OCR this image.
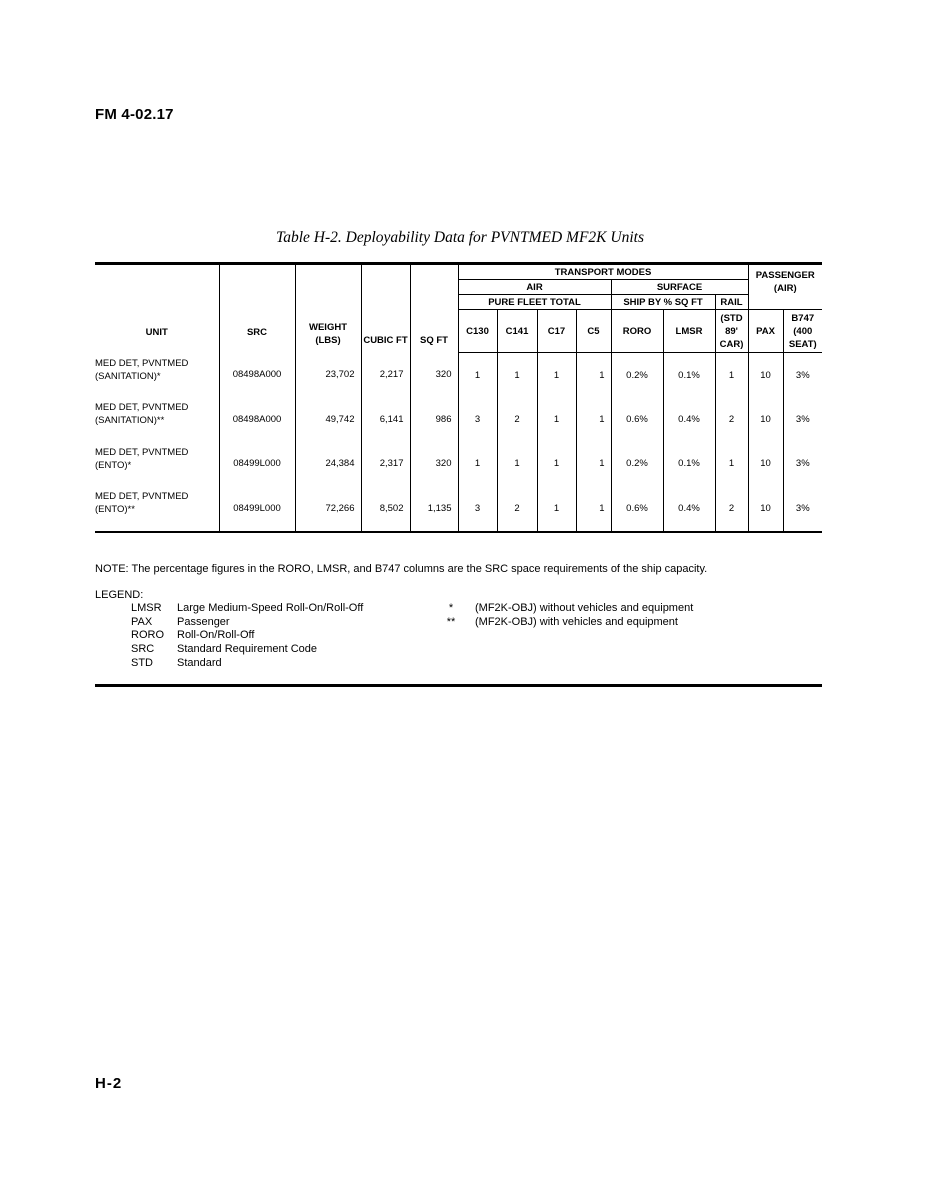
FM 4-02.17
Table H-2. Deployability Data for PVNTMED MF2K Units
UNIT	SRC	WEIGHT (LBS)	CUBIC FT	SQ FT	TRANSPORT MODES							PASSENGER (AIR)	
					AIR				SURFACE				
					PURE FLEET TOTAL				SHIP BY % SQ FT		RAIL		
					C130	C141	C17	C5	RORO	LMSR	(STD 89' CAR)	PAX	B747 (400 SEAT)
MED DET, PVNTMED (SANITATION)*	08498A000	23,702	2,217	320	1	1	1	1	0.2%	0.1%	1	10	3%
MED DET, PVNTMED (SANITATION)**	08498A000	49,742	6,141	986	3	2	1	1	0.6%	0.4%	2	10	3%
MED DET, PVNTMED (ENTO)*	08499L000	24,384	2,317	320	1	1	1	1	0.2%	0.1%	1	10	3%
MED DET, PVNTMED (ENTO)**	08499L000	72,266	8,502	1,135	3	2	1	1	0.6%	0.4%	2	10	3%
NOTE: The percentage figures in the RORO, LMSR, and B747 columns are the SRC space requirements of the ship capacity.
LEGEND:
LMSR	Large Medium-Speed Roll-On/Roll-Off	*	(MF2K-OBJ) without vehicles and equipment
PAX	Passenger	**	(MF2K-OBJ) with vehicles and equipment
RORO	Roll-On/Roll-Off
SRC	Standard Requirement Code
STD	Standard
H-2
